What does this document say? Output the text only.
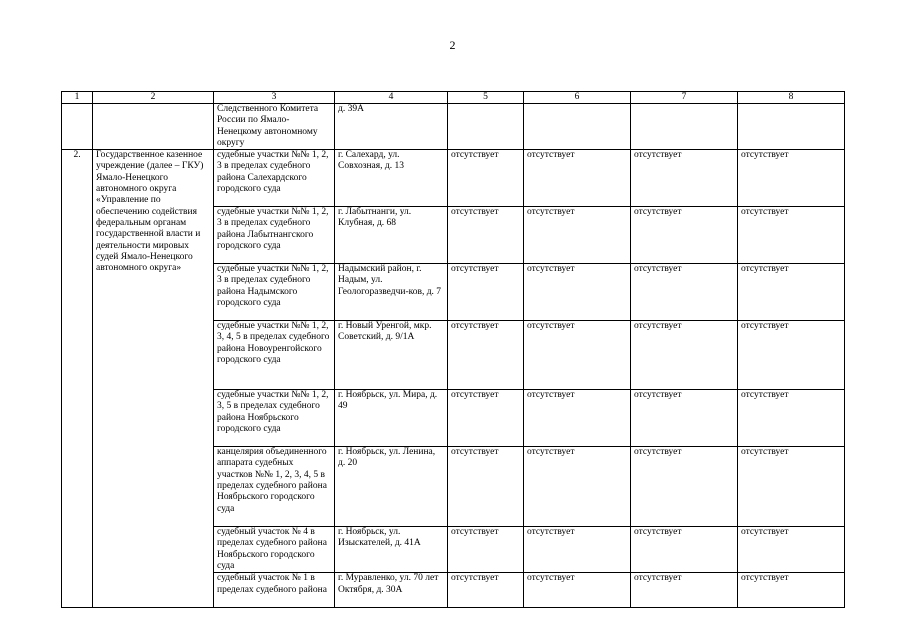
2
1	2	3	4	5	6	7	8
		Следственного Комитета России по Ямало-Ненецкому автономному округу	д. 39А				
2.	Государственное казенное учреждение (далее – ГКУ) Ямало-Ненецкого автономного округа «Управление по обеспечению содействия федеральным органам государственной власти и деятельности мировых судей Ямало-Ненецкого автономного округа»	судебные участки №№ 1, 2, 3 в пределах судебного района Салехардского городского суда	г. Салехард, ул. Совхозная, д. 13	отсутствует	отсутствует	отсутствует	отсутствует
		судебные участки №№ 1, 2, 3 в пределах судебного района Лабытнангского городского суда	г. Лабытнанги, ул. Клубная, д. 68	отсутствует	отсутствует	отсутствует	отсутствует
		судебные участки №№ 1, 2, 3 в пределах судебного района Надымского городского суда	Надымский район, г. Надым, ул. Геологоразведчи-ков, д. 7	отсутствует	отсутствует	отсутствует	отсутствует
		судебные участки №№ 1, 2, 3, 4, 5 в пределах судебного района Новоуренгойского городского суда	г. Новый Уренгой, мкр. Советский, д. 9/1А	отсутствует	отсутствует	отсутствует	отсутствует
		судебные участки №№ 1, 2, 3, 5 в пределах судебного района Ноябрьского городского суда	г. Ноябрьск, ул. Мира, д. 49	отсутствует	отсутствует	отсутствует	отсутствует
		канцелярия объединенного аппарата судебных участков №№ 1, 2, 3, 4, 5 в пределах судебного района Ноябрьского городского суда	г. Ноябрьск, ул. Ленина, д. 20	отсутствует	отсутствует	отсутствует	отсутствует
		судебный участок № 4 в пределах судебного района Ноябрьского городского суда	г. Ноябрьск, ул. Изыскателей, д. 41А	отсутствует	отсутствует	отсутствует	отсутствует
		судебный участок № 1 в пределах судебного района	г. Муравленко, ул. 70 лет Октября, д. 30А	отсутствует	отсутствует	отсутствует	отсутствует
